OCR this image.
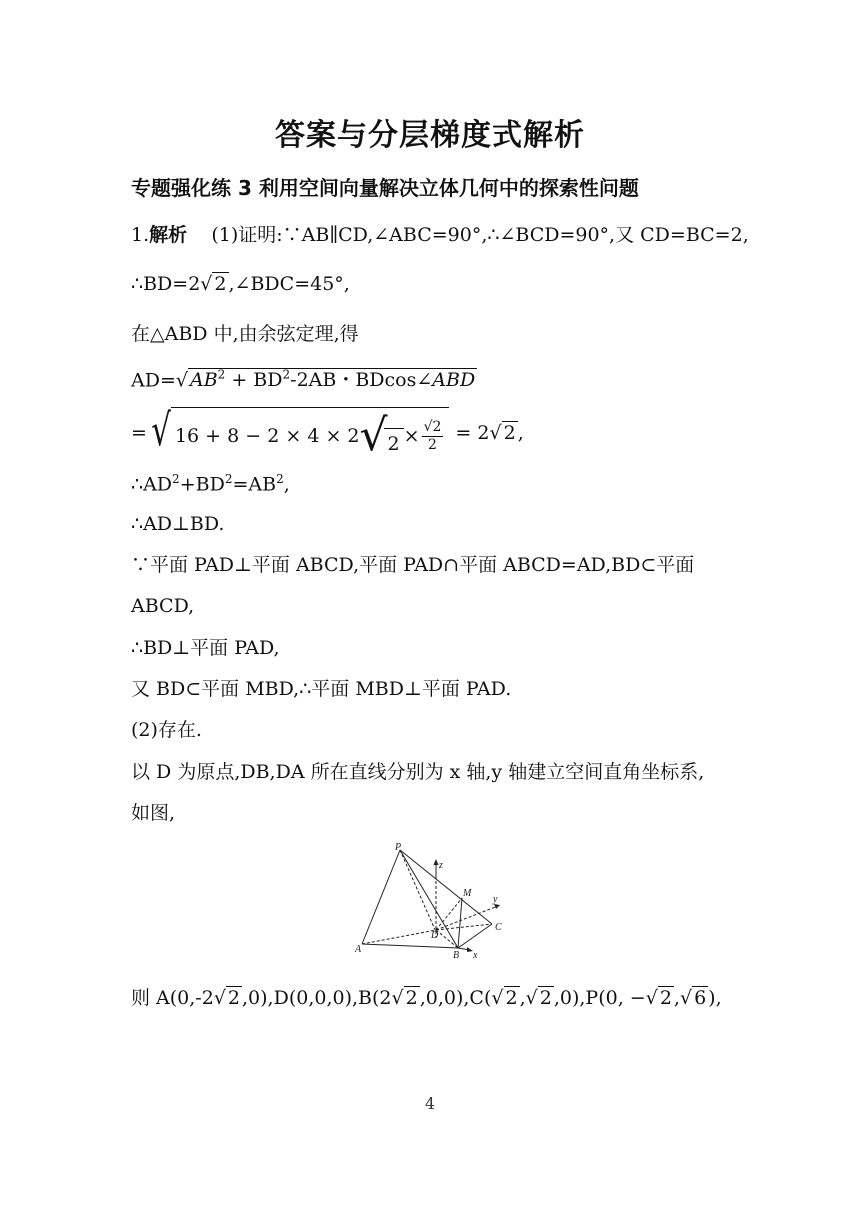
答案与分层梯度式解析
专题强化练 3 利用空间向量解决立体几何中的探索性问题
1.解析 (1)证明:∵AB∥CD,∠ABC=90°,∴∠BCD=90°,又 CD=BC=2,
∴BD=2√ 2 ,∠BDC=45°,
在△ABD 中,由余弦定理,得
AD=√ $AB^2 + BD^2-2AB$・BDcos∠ABD
= √ 16 + 8 − 2 × 4 × 2 $√2 \times \frac{√2}{2} = 2√$ 2 ,
$\therefore AD^2+BD^2=AB^2$,
∴AD⊥BD.
∵平面 PAD⊥平面 ABCD,平面 PAD∩平面 ABCD=AD,BD⊂平面
ABCD,
∴BD⊥平面 PAD,
又 BD⊂平面 MBD,∴平面 MBD⊥平面 PAD.
(2)存在.
以 D 为原点,DB,DA 所在直线分别为 x 轴,y 轴建立空间直角坐标系,
如图,
P
z
M
y
C
D
A
B x
则 A(0,-2√ 2 ,0),D(0,0,0),B(2√ 2 ,0,0),C(√ 2 ,√ 2 ,0),P(0, −√ 2 ,√ 6 ),
4
